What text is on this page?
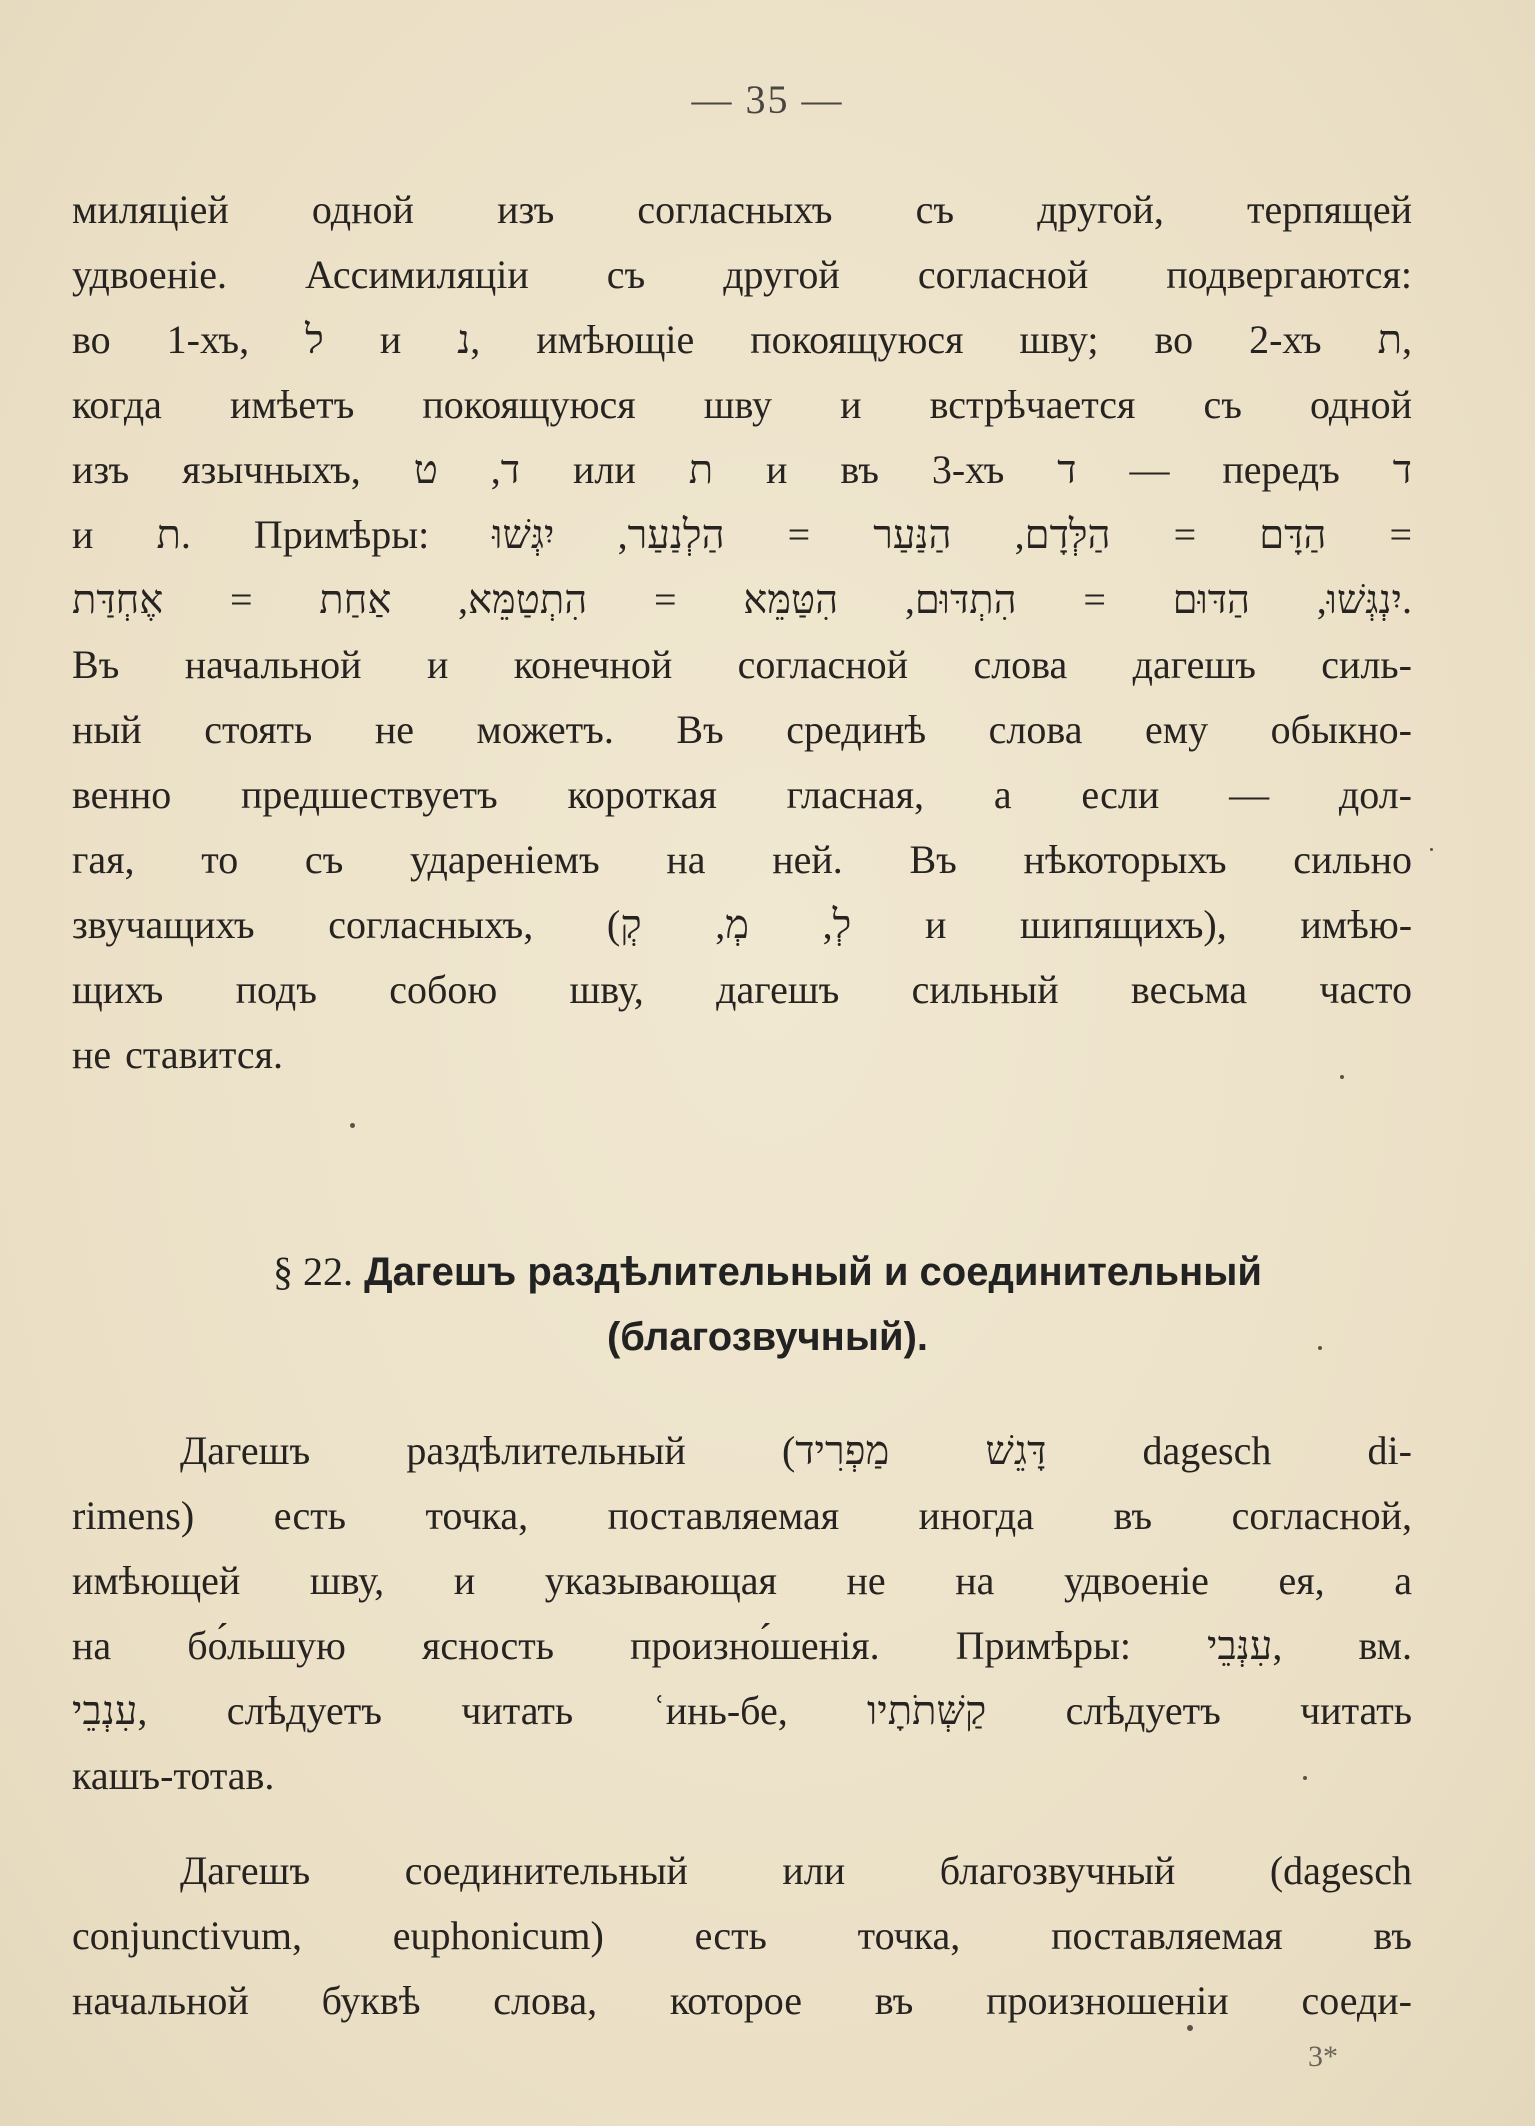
— 35 —
миляціей одной изъ согласныхъ съ другой, терпящей
удвоеніе. Ассимиляціи съ другой согласной подвергаются:
во 1-хъ, ל и נ, имѣющіе покоящуюся шву; во 2-хъ ת,
когда имѣетъ покоящуюся шву и встрѣчается съ одной
изъ язычныхъ, ד, ט или ת и въ 3-хъ ד — передъ ד
и ת. Примѣры: הַדָּם = הַלְּדָם, הַנַּעַר = הַלְנַעַר, יִגְּשׁוּ =
יִנְגְּשׁוּ, הַדּוּם = הִתְדּוּם, הִטַּמֵּא = הִתְטַמֵּא, אַחַת = אֶחְדַּת.
Въ начальной и конечной согласной слова дагешъ силь-
ный стоять не можетъ. Въ срединѣ слова ему обыкно-
венно предшествуетъ короткая гласная, а если — дол-
гая, то съ удареніемъ на ней. Въ нѣкоторыхъ сильно
звучащихъ согласныхъ, (לְ, מְ, קְ и шипящихъ), имѣю-
щихъ подъ собою шву, дагешъ сильный весьма часто
не ставится.
§ 22. Дагешъ раздѣлительный и соединительный
(благозвучный).
Дагешъ раздѣлительный (דָּגֵשׁ מַפְרִיד dagesch di-
rimens) есть точка, поставляемая иногда въ согласной,
имѣющей шву, и указывающая не на удвоеніе ея, а
на бо́льшую ясность произно́шенія. Примѣры: עִנְּבֵי, вм.
עִנְבֵי, слѣдуетъ читать ʿинь-бе, קַשְּׁתֹתָיו слѣдуетъ читать
кашъ-тотав.
Дагешъ соединительный или благозвучный (dagesch
conjunctivum, euphonicum) есть точка, поставляемая въ
начальной буквѣ слова, которое въ произношеніи соеди-
3*
